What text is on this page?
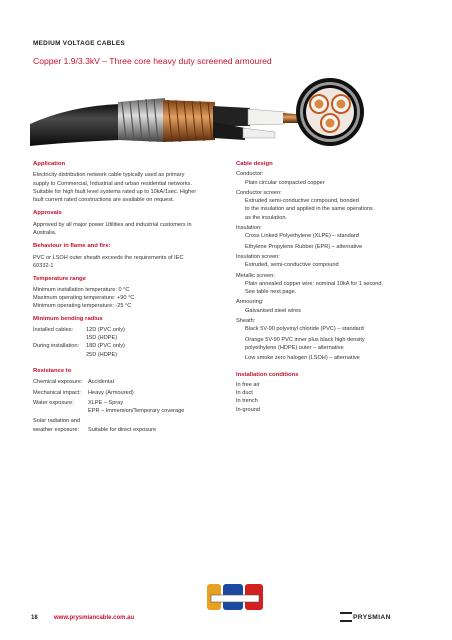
MEDIUM VOLTAGE CABLES
Copper 1.9/3.3kV – Three core heavy duty screened armoured

Application

Electricity distribution network cable typically used as primary supply to Commercial, Industrial and urban residential networks. Suitable for high fault level systems rated up to 10kA/1sec. Higher fault current rated constructions are available on request.

Approvals

Approved by all major power Utilities and industrial customers in Australia.

Behaviour in flame and fire:

PVC or LSOH outer sheath exceeds the requirements of IEC 60332-1

Temperature range

Minimum installation temperature: 0 °C

Maximum operating temperature: +90 °C

Minimum operating temperature: -25 °C

Minimum bending radius

Installed cables:	12D (PVC only)
15D (HDPE)
During installation:	18D (PVC only)
25D (HDPE)

Resistance to

Chemical exposure: Accidental
Mechanical impact:	Heavy (Armoured)
Water exposure:	XLPE – Spray
EPR – Immersion/Temporary coverage
Solar radiation and
weather exposure:	Suitable for direct exposure

Cable design

Conductor:

Plain circular compacted copper

Conductor screen:

Extruded semi-conductive compound, bonded

to the insulation and applied in the same operations

as the insulation.

Insulation:

Cross Linked Polyethylene (XLPE) – standard

Ethylene Propylene Rubber (EPR) – alternative

Insulation screen:

Extruded, semi-conductive compound

Metallic screen:

Plain annealed copper wire: nominal 10kA for 1 second.

See table next page.

Armouring:

Galvanised steel wires

Sheath:

Black 5V-90 polyvinyl chloride (PVC) – standard

Orange 5V-90 PVC inner plus black high density

polyethylene (HDPE) outer – alternative

Low smoke zero halogen (LSOH) – alternative

Installation conditions

In free air

In duct

In trench

In-ground

18	www.prysmiancable.com.au	PRYSMIAN
